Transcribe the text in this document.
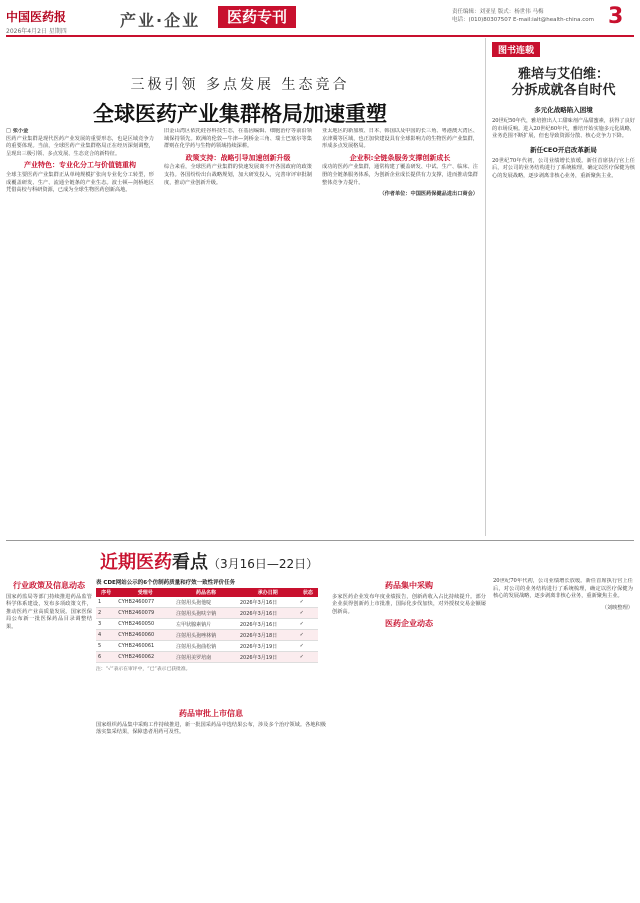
中国医药报	产业·企业	医药专刊
2026年4月2日 星期四
责任编辑：刘亚星 版式：杨世伟 马梅
电话：(010)80307507 E-mail:ialt@health-china.com 3
三极引领 多点发展 生态竞合
全球医药产业集群格局加速重塑
□ 张小金

医药产业集群是现代医药产业发展的重要形态，也是区域竞争力的重要体现。当前，全球医药产业集群格局正在经历深刻调整，呈现出三极引领、多点发展、生态竞合的新特征。

产业特色：专业化分工与价值链重构

全球主要医药产业集群正从单纯规模扩张向专业化分工转型，形成覆盖研发、生产、流通全链条的产业生态。波士顿—剑桥地区凭借高校与科研资源，已成为全球生物医药创新高地。

旧金山湾区依托硅谷科技生态，在基因编辑、细胞治疗等前沿领域保持领先。欧洲的伦敦—牛津—剑桥金三角、瑞士巴塞尔等集群则在化学药与生物药领域持续深耕。

政策支持：战略引导加速创新升级

综合来看，全球医药产业集群的快速发展离不开各国政府的政策支持。各国纷纷出台战略规划，加大研发投入，完善审评审批制度，推动产业创新升级。

亚太地区的新加坡、日本、韩国以及中国的长三角、粤港澳大湾区、京津冀等区域，也正加快建设具有全球影响力的生物医药产业集群，形成多点发展格局。

企业积:全链条服务支撑创新成长

成功的医药产业集群，通常构建了覆盖研发、中试、生产、临床、注册的全链条服务体系，为创新企业成长提供有力支撑，进而推动集群整体竞争力提升。

（作者单位：中国医药保健品进出口商会）

图书连载
雅培与艾伯维：
分拆成就各自时代
多元化战略陷入困境

20世纪50年代，雅培推出人工甜味剂产品甜蜜素，获得了良好的市场反响。进入20世纪60年代，雅培开始实施多元化战略，业务范围不断扩展，但也导致资源分散、核心竞争力下降。

新任CEO开启改革新局

20世纪70年代初，公司业绩增长放缓。新任首席执行官上任后，对公司的业务结构进行了系统梳理，确定以医疗保健为核心的发展战略，逐步剥离非核心业务，重新聚焦主业。

近期医药看点（3月16日—22日）
行业政策及信息动态

国家药监局等部门持续推进药品监管科学体系建设，发布多项政策文件，推动医药产业高质量发展。国家医保局公布新一批医保药品目录调整结果。

药品审批上市信息

国家组织药品集中采购工作持续推进，新一批国采药品中选结果公布，涉及多个治疗领域。各地积极落实集采结果，保障患者用药可及性。

药品集中采购

多家医药企业发布年度业绩报告，创新药收入占比持续提升。部分企业获得创新药上市批准，国际化步伐加快，对外授权交易金额屡创新高。

医药企业动态
表 CDE网站公示的6个仿制药质量和疗效一致性评价任务
序号	受理号	药品名称	承办日期	状态
1	CYHB2460077	注射用头孢他啶	2026年3月16日	✓
2	CYHB2460079	注射用头孢呋辛钠	2026年3月16日	✓
3	CYHB2460050	左甲状腺素钠片	2026年3月16日	✓
4	CYHB2460060	注射用头孢唑林钠	2026年3月18日	✓
5	CYHB2460061	注射用头孢曲松钠	2026年3月19日	✓
6	CYHB2460062	注射用美罗培南	2026年3月19日	✓
注：“✓”表示在审评中，“已”表示已获批准。

20世纪70年代初，公司业绩增长放缓。新任首席执行官上任后，对公司的业务结构进行了系统梳理，确定以医疗保健为核心的发展战略，逐步剥离非核心业务，重新聚焦主业。

（刘映整理）
